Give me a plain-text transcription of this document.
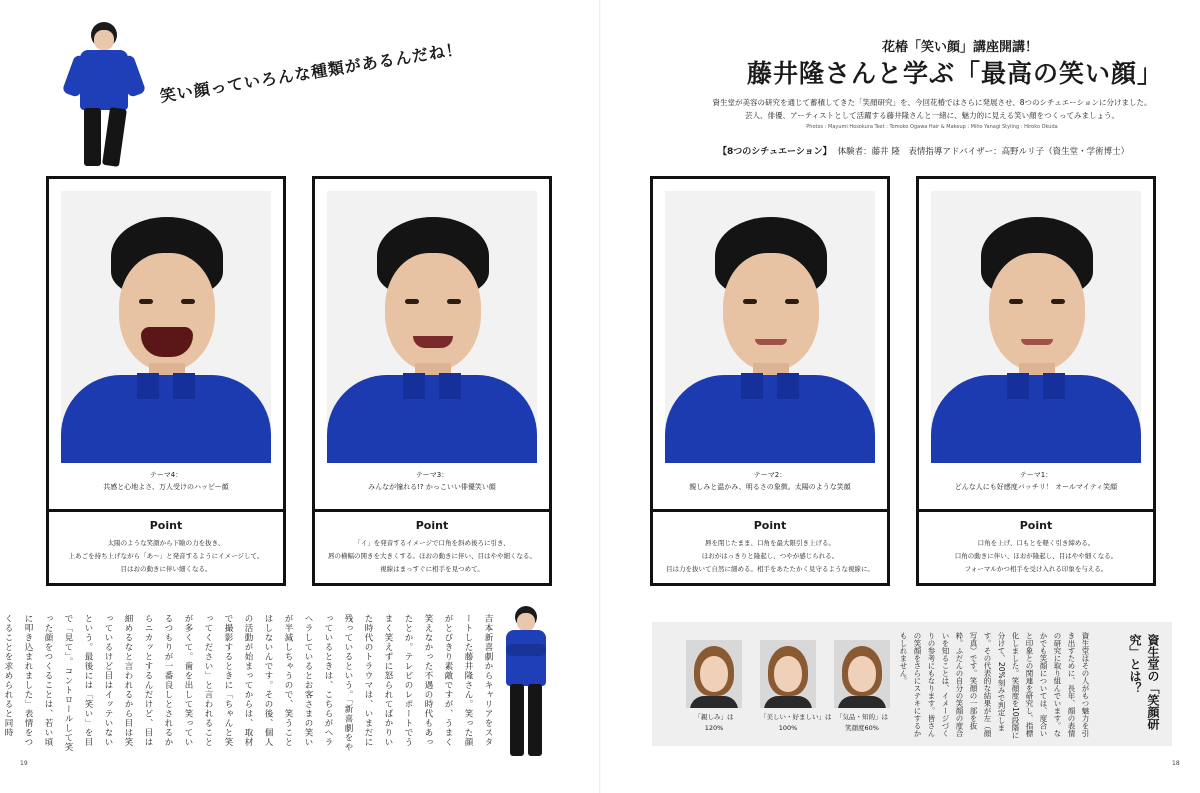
笑い顔っていろんな種類があるんだね！
テーマ4：
共感と心地よさ、万人受けのハッピー顔
Point
太陽のような笑顔から下瞼の力を抜き、
上あごを持ち上げながら「あ〜」と発音するようにイメージして。
目はおの動きに伴い細くなる。
テーマ3：
みんなが憧れる!? かっこいい俳優笑い顔
Point
「イ」を発音するイメージで口角を斜め後ろに引き、
唇の横幅の開きを大きくする。ほおの動きに伴い、目はやや細くなる。
視線はまっすぐに相手を見つめて。
吉本新喜劇からキャリアをスタートした藤井隆さん。笑った顔がとびきり素敵ですが、うまく笑えなかった不遇の時代もあったとか。テレビのレポートでうまく笑えずに怒られてばかりいた時代のトラウマは、いまだに残っているという。「新喜劇をやっているときは、こちらがヘラヘラしているとお客さまの笑いが半減しちゃうので、笑うことはしないんです。その後、個人の活動が始まってからは、取材で撮影するときに「ちゃんと笑ってください」と言われることが多くて。歯を出して笑っているつもりが一番良しとされるからニカッとするんだけど、目は細めるなと言われるから目は笑っているけど目はイッテいないという。最後には「笑い」を目で「見て」。コントロールして笑った顔をつくることは、若い頃に叩き込まれました」表情をつくることを求められると同時
19
花椿「笑い顔」講座開講！
藤井隆さんと学ぶ「最高の笑い顔」
資生堂が美容の研究を通じて蓄積してきた「笑顔研究」を、今回花椿ではさらに発展させ、8つのシチュエーションに分けました。
芸人、俳優、アーティストとして活躍する藤井隆さんと一緒に、魅力的に見える笑い顔をつくってみましょう。
Photos : Mayumi Hosokura Text : Tomoko Ogawa Hair & Makeup : Miho Yanagi Styling : Hiroko Okuda
【8つのシチュエーション】 体験者：藤井 隆　表情指導アドバイザー：高野ルリ子（資生堂・学術博士）
テーマ2：
親しみと温かみ、明るさの象徴。太陽のような笑顔
Point
唇を閉じたまま、口角を最大限引き上げる。
ほおがはっきりと隆起し、つやが感じられる。
目は力を抜いて自然に細める。相手をあたたかく見守るような視線に。
テーマ1：
どんな人にも好感度バッチリ！ オールマイティ笑顔
Point
口角を上げ、口もとを軽く引き締める。
口角の動きに伴い、ほおが隆起し、目はやや細くなる。
フォーマルかつ相手を受け入れる印象を与える。
「親しみ」は
120%
「美しい・好ましい」は
100%
「気品・知的」は
笑顔度60%	資生堂はその人がもつ魅力を引き出すために、長年、顔の表情の研究に取り組んでいます。なかでも笑顔については、度合いと印象との関連を研究し、指標化しました。笑顔度を10段階に分けて、20%刻みで判定します。その代表的な結果が左（顔写真）です。笑顔の一部を抜粋。ふだんの自分の笑顔の度合いを知ることは、イメージづくりの参考にもなります。皆さんの笑顔をさらにステキにするかもしれません。	資生堂の「笑顔研究」とは？
18
